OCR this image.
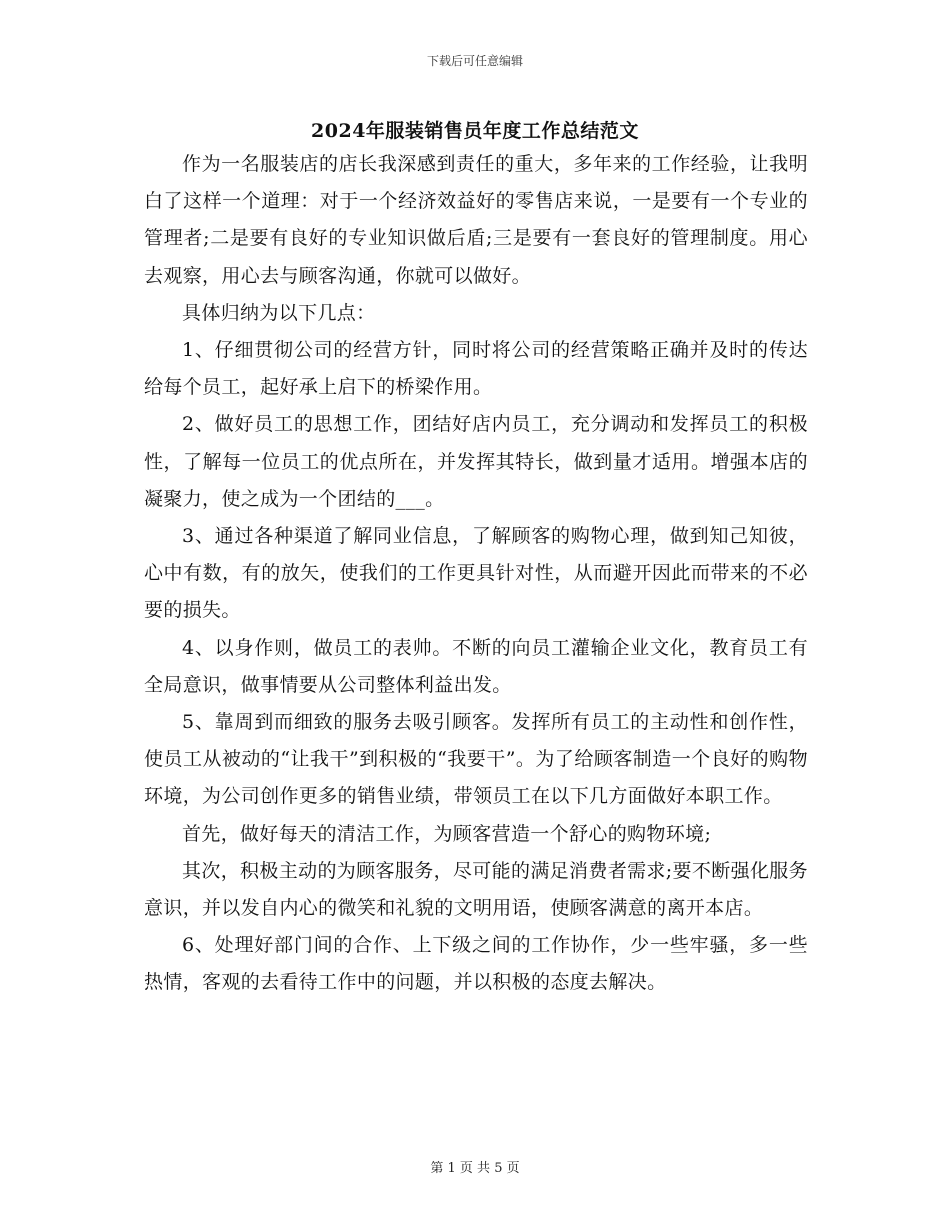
下载后可任意编辑
2024年服装销售员年度工作总结范文

作为一名服装店的店长我深感到责任的重大，多年来的工作经验，让我明白了这样一个道理：对于一个经济效益好的零售店来说，一是要有一个专业的管理者;二是要有良好的专业知识做后盾;三是要有一套良好的管理制度。用心去观察，用心去与顾客沟通，你就可以做好。

具体归纳为以下几点：

1、仔细贯彻公司的经营方针，同时将公司的经营策略正确并及时的传达给每个员工，起好承上启下的桥梁作用。

2、做好员工的思想工作，团结好店内员工，充分调动和发挥员工的积极性，了解每一位员工的优点所在，并发挥其特长，做到量才适用。增强本店的凝聚力，使之成为一个团结的___。

3、通过各种渠道了解同业信息，了解顾客的购物心理，做到知己知彼，心中有数，有的放矢，使我们的工作更具针对性，从而避开因此而带来的不必要的损失。

4、以身作则，做员工的表帅。不断的向员工灌输企业文化，教育员工有全局意识，做事情要从公司整体利益出发。

5、靠周到而细致的服务去吸引顾客。发挥所有员工的主动性和创作性，使员工从被动的“让我干”到积极的“我要干”。为了给顾客制造一个良好的购物环境，为公司创作更多的销售业绩，带领员工在以下几方面做好本职工作。

首先，做好每天的清洁工作，为顾客营造一个舒心的购物环境;

其次，积极主动的为顾客服务，尽可能的满足消费者需求;要不断强化服务意识，并以发自内心的微笑和礼貌的文明用语，使顾客满意的离开本店。

6、处理好部门间的合作、上下级之间的工作协作，少一些牢骚，多一些热情，客观的去看待工作中的问题，并以积极的态度去解决。

第 1 页 共 5 页
